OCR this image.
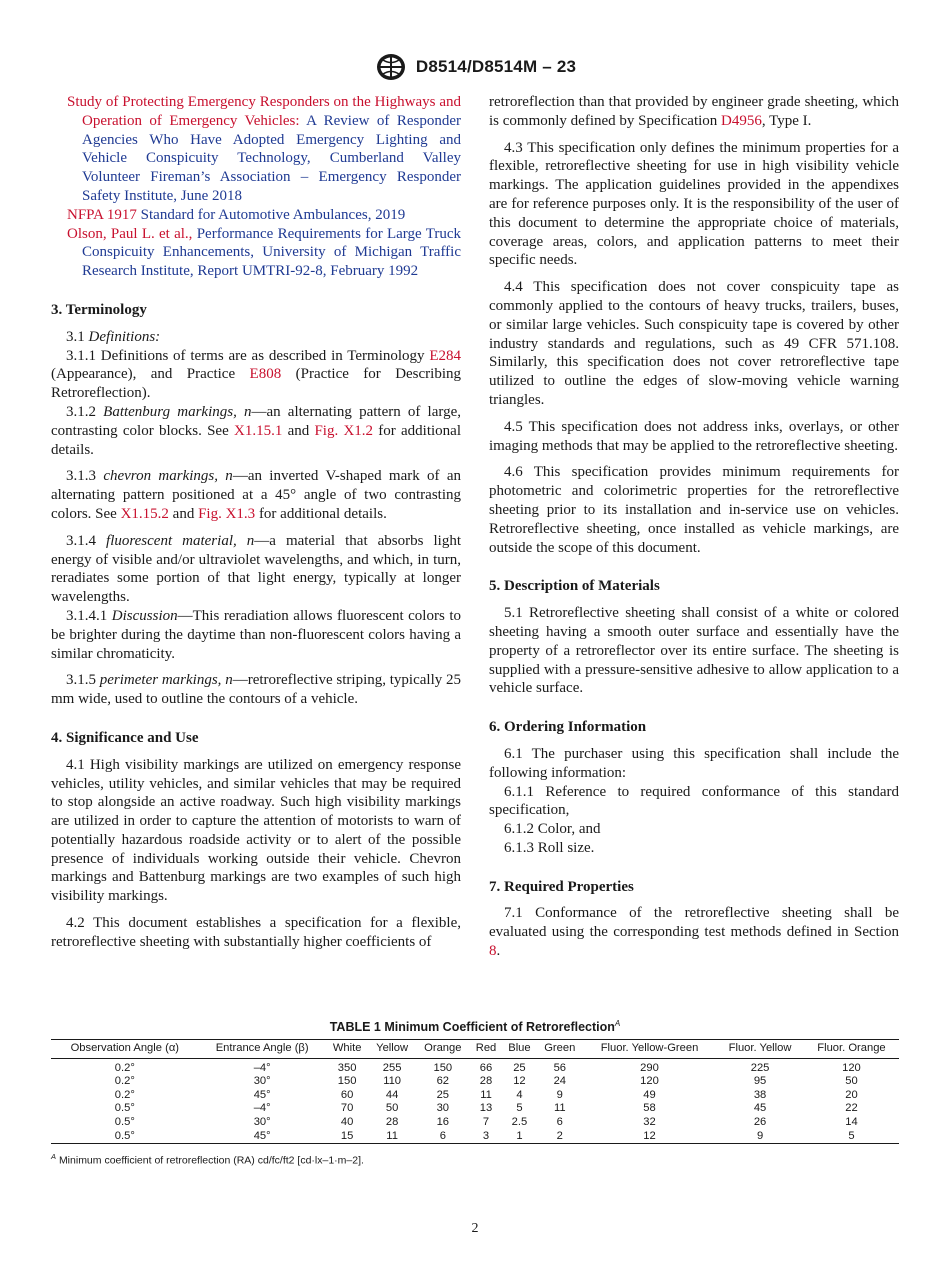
D8514/D8514M – 23

Study of Protecting Emergency Responders on the Highways and Operation of Emergency Vehicles: A Review of Responder Agencies Who Have Adopted Emergency Lighting and Vehicle Conspicuity Technology, Cumberland Valley Volunteer Fireman’s Association – Emergency Responder Safety Institute, June 2018

NFPA 1917 Standard for Automotive Ambulances, 2019

Olson, Paul L. et al., Performance Requirements for Large Truck Conspicuity Enhancements, University of Michigan Traffic Research Institute, Report UMTRI-92-8, February 1992

3. Terminology

3.1 Definitions:

3.1.1 Definitions of terms are as described in Terminology E284 (Appearance), and Practice E808 (Practice for Describing Retroreflection).

3.1.2 Battenburg markings, n—an alternating pattern of large, contrasting color blocks. See X1.15.1 and Fig. X1.2 for additional details.

3.1.3 chevron markings, n—an inverted V-shaped mark of an alternating pattern positioned at a 45° angle of two contrasting colors. See X1.15.2 and Fig. X1.3 for additional details.

3.1.4 fluorescent material, n—a material that absorbs light energy of visible and/or ultraviolet wavelengths, and which, in turn, reradiates some portion of that light energy, typically at longer wavelengths.

3.1.4.1 Discussion—This reradiation allows fluorescent colors to be brighter during the daytime than non-fluorescent colors having a similar chromaticity.

3.1.5 perimeter markings, n—retroreflective striping, typically 25 mm wide, used to outline the contours of a vehicle.

4. Significance and Use

4.1 High visibility markings are utilized on emergency response vehicles, utility vehicles, and similar vehicles that may be required to stop alongside an active roadway. Such high visibility markings are utilized in order to capture the attention of motorists to warn of potentially hazardous roadside activity or to alert of the possible presence of individuals working outside their vehicle. Chevron markings and Battenburg markings are two examples of such high visibility markings.

4.2 This document establishes a specification for a flexible, retroreflective sheeting with substantially higher coefficients of

retroreflection than that provided by engineer grade sheeting, which is commonly defined by Specification D4956, Type I.

4.3 This specification only defines the minimum properties for a flexible, retroreflective sheeting for use in high visibility vehicle markings. The application guidelines provided in the appendixes are for reference purposes only. It is the responsibility of the user of this document to determine the appropriate choice of materials, coverage areas, colors, and application patterns to meet their specific needs.

4.4 This specification does not cover conspicuity tape as commonly applied to the contours of heavy trucks, trailers, buses, or similar large vehicles. Such conspicuity tape is covered by other industry standards and regulations, such as 49 CFR 571.108. Similarly, this specification does not cover retroreflective tape utilized to outline the edges of slow-moving vehicle warning triangles.

4.5 This specification does not address inks, overlays, or other imaging methods that may be applied to the retroreflective sheeting.

4.6 This specification provides minimum requirements for photometric and colorimetric properties for the retroreflective sheeting prior to its installation and in-service use on vehicles. Retroreflective sheeting, once installed as vehicle markings, are outside the scope of this document.

5. Description of Materials

5.1 Retroreflective sheeting shall consist of a white or colored sheeting having a smooth outer surface and essentially have the property of a retroreflector over its entire surface. The sheeting is supplied with a pressure-sensitive adhesive to allow application to a vehicle surface.

6. Ordering Information

6.1 The purchaser using this specification shall include the following information:

6.1.1 Reference to required conformance of this standard specification,

6.1.2 Color, and

6.1.3 Roll size.

7. Required Properties

7.1 Conformance of the retroreflective sheeting shall be evaluated using the corresponding test methods defined in Section 8.

TABLE 1 Minimum Coefficient of Retroreflection$^A$
Observation Angle (α)	Entrance Angle (β)	White	Yellow	Orange	Red	Blue	Green	Fluor. Yellow-Green	Fluor. Yellow	Fluor. Orange
0.2°	–4°	350	255	150	66	25	56	290	225	120
0.2°	30°	150	110	62	28	12	24	120	95	50
0.2°	45°	60	44	25	11	4	9	49	38	20
0.5°	–4°	70	50	30	13	5	11	58	45	22
0.5°	30°	40	28	16	7	2.5	6	32	26	14
0.5°	45°	15	11	6	3	1	2	12	9	5
$^A$ Minimum coefficient of retroreflection (RA) cd/fc/ft2 [cd·lx–1·m–2].
2
